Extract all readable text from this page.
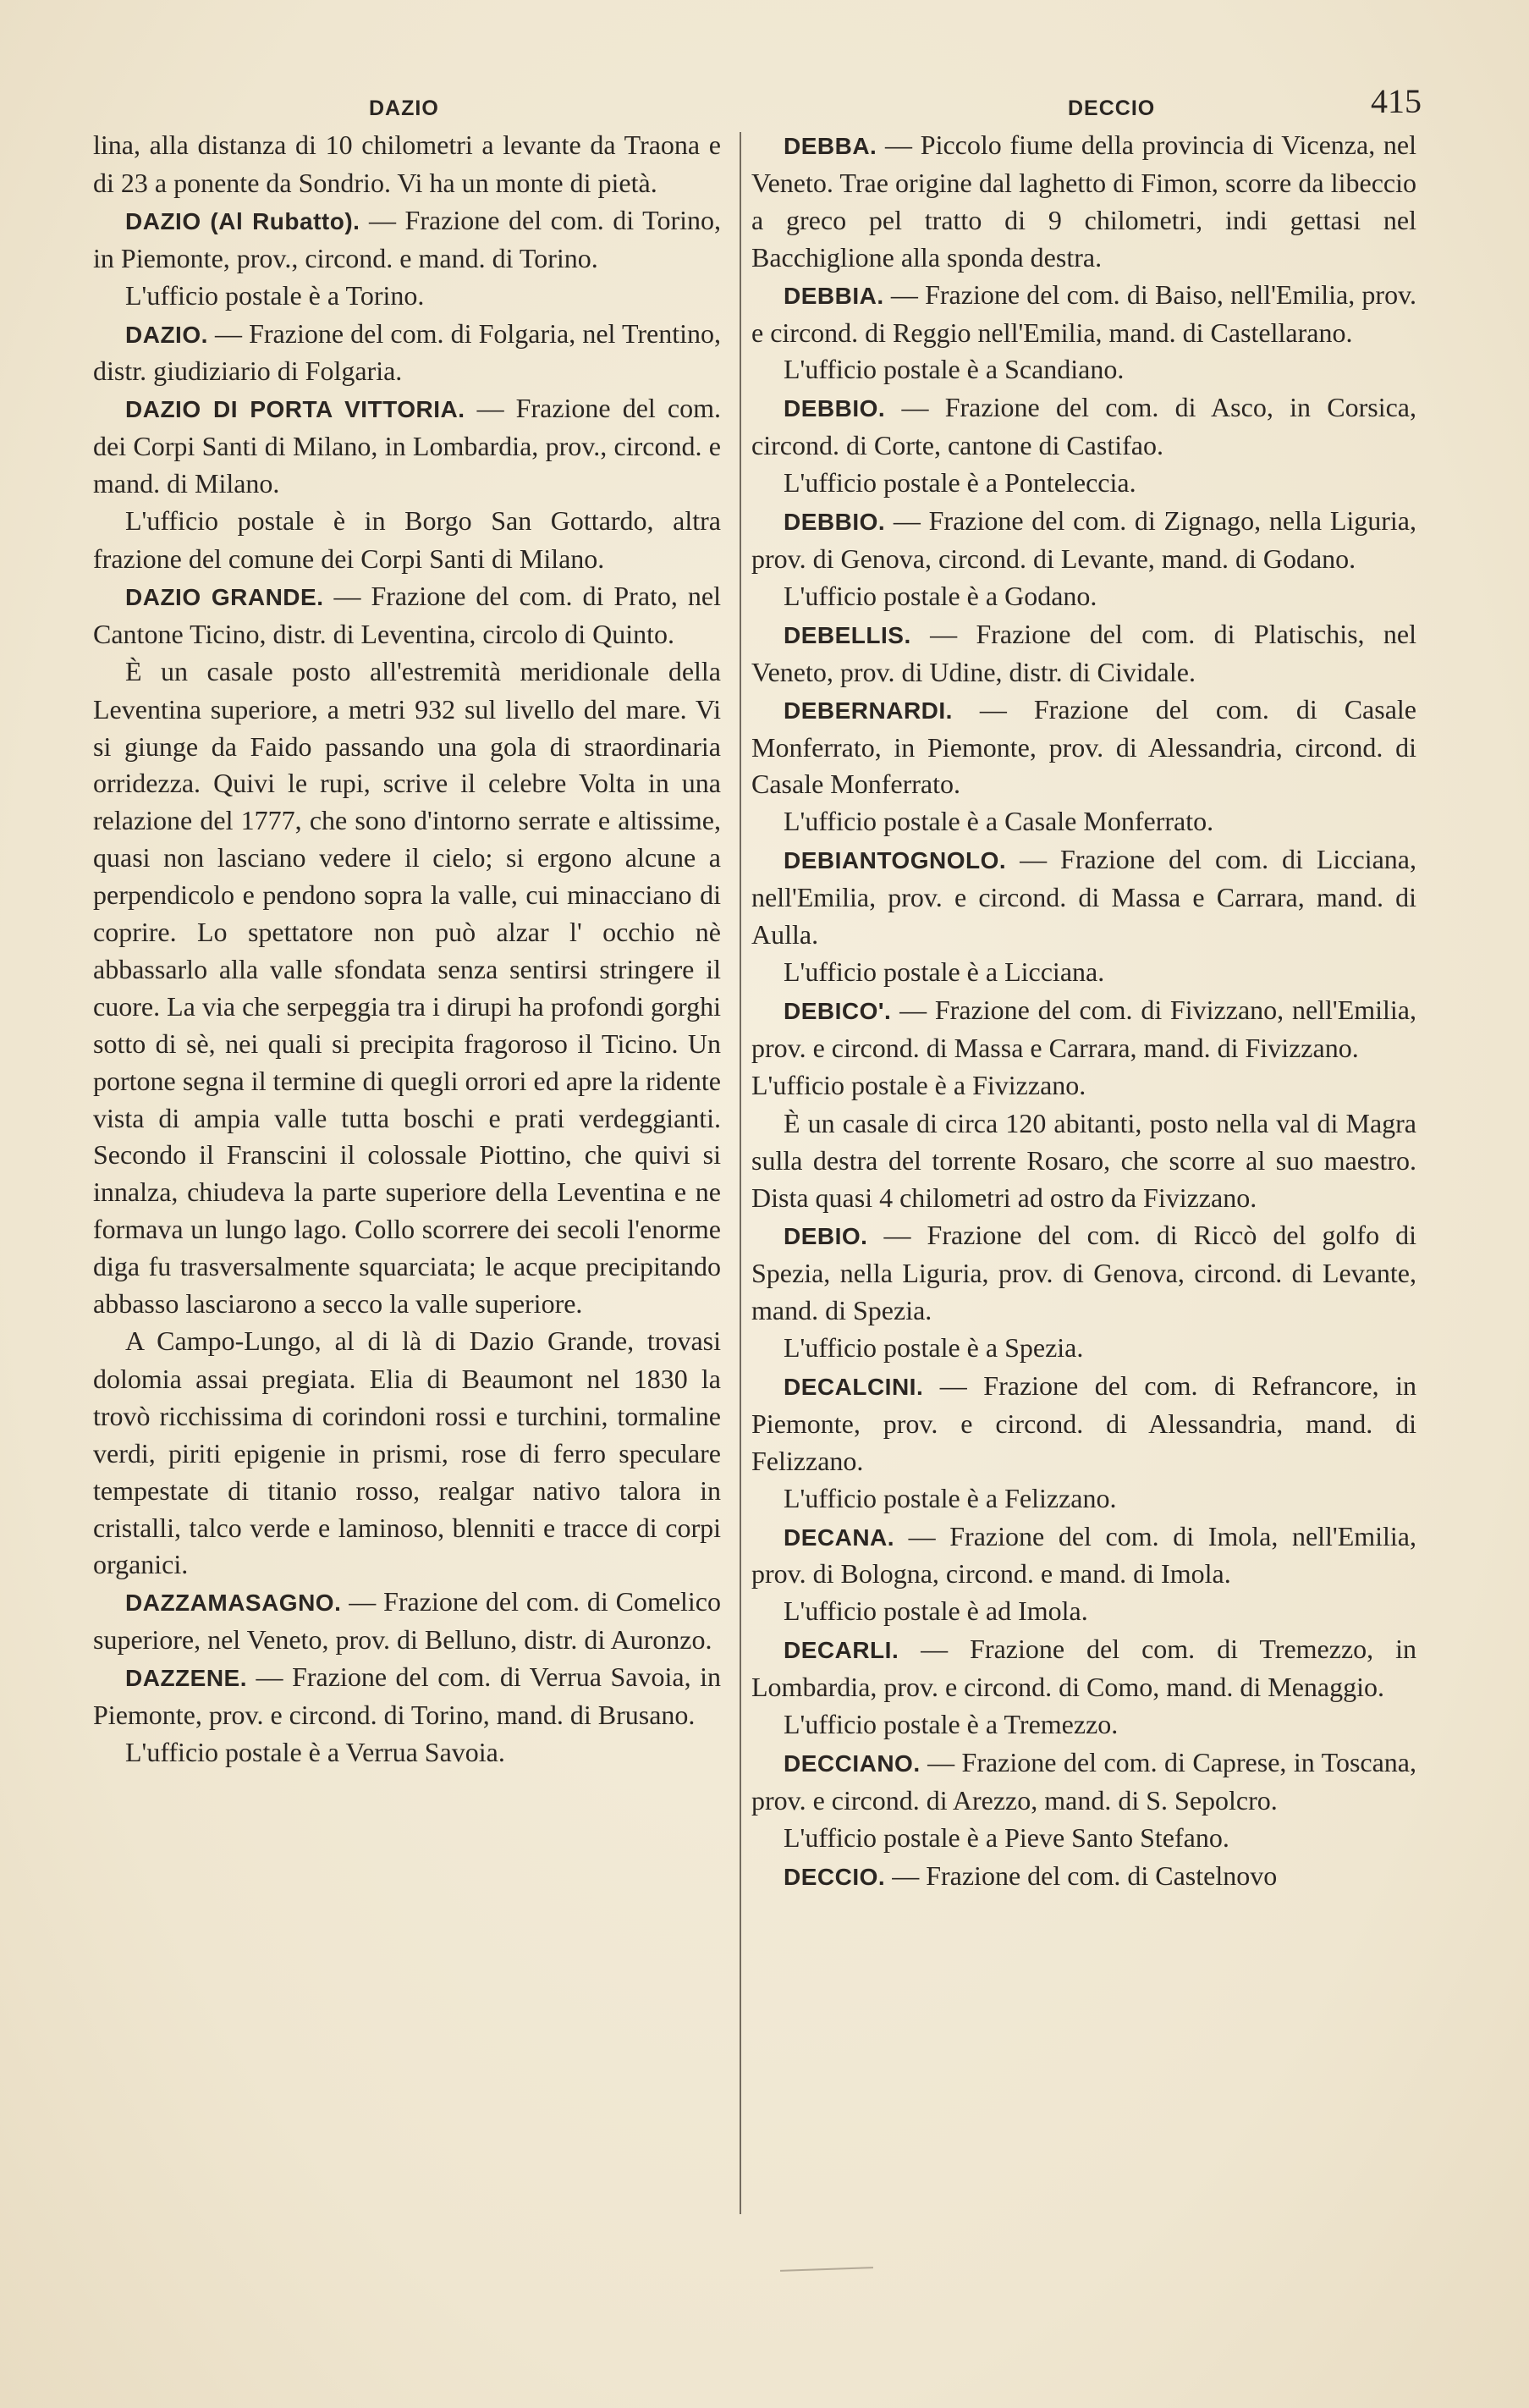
DAZIO	DECCIO	415

lina, alla distanza di 10 chilometri a levante da Traona e di 23 a ponente da Sondrio. Vi ha un monte di pietà.

DAZIO (Al Rubatto). — Frazione del com. di Torino, in Piemonte, prov., circond. e mand. di Torino.

L'ufficio postale è a Torino.

DAZIO. — Frazione del com. di Folgaria, nel Trentino, distr. giudiziario di Folgaria.

DAZIO DI PORTA VITTORIA. — Frazione del com. dei Corpi Santi di Milano, in Lombardia, prov., circond. e mand. di Milano.

L'ufficio postale è in Borgo San Gottardo, altra frazione del comune dei Corpi Santi di Milano.

DAZIO GRANDE. — Frazione del com. di Prato, nel Cantone Ticino, distr. di Leventina, circolo di Quinto.

È un casale posto all'estremità meridionale della Leventina superiore, a metri 932 sul livello del mare. Vi si giunge da Faido passando una gola di straordinaria orridezza. Quivi le rupi, scrive il celebre Volta in una relazione del 1777, che sono d'intorno serrate e altissime, quasi non lasciano vedere il cielo; si ergono alcune a perpendicolo e pendono sopra la valle, cui minacciano di coprire. Lo spettatore non può alzar l' occhio nè abbassarlo alla valle sfondata senza sentirsi stringere il cuore. La via che serpeggia tra i dirupi ha profondi gorghi sotto di sè, nei quali si precipita fragoroso il Ticino. Un portone segna il termine di quegli orrori ed apre la ridente vista di ampia valle tutta boschi e prati verdeggianti. Secondo il Franscini il colossale Piottino, che quivi si innalza, chiudeva la parte superiore della Leventina e ne formava un lungo lago. Collo scorrere dei secoli l'enorme diga fu trasversalmente squarciata; le acque precipitando abbasso lasciarono a secco la valle superiore.

A Campo-Lungo, al di là di Dazio Grande, trovasi dolomia assai pregiata. Elia di Beaumont nel 1830 la trovò ricchissima di corindoni rossi e turchini, tormaline verdi, piriti epigenie in prismi, rose di ferro speculare tempestate di titanio rosso, realgar nativo talora in cristalli, talco verde e laminoso, blenniti e tracce di corpi organici.

DAZZAMASAGNO. — Frazione del com. di Comelico superiore, nel Veneto, prov. di Belluno, distr. di Auronzo.

DAZZENE. — Frazione del com. di Verrua Savoia, in Piemonte, prov. e circond. di Torino, mand. di Brusano.

L'ufficio postale è a Verrua Savoia.

DEBBA. — Piccolo fiume della provincia di Vicenza, nel Veneto. Trae origine dal laghetto di Fimon, scorre da libeccio a greco pel tratto di 9 chilometri, indi gettasi nel Bacchiglione alla sponda destra.

DEBBIA. — Frazione del com. di Baiso, nell'Emilia, prov. e circond. di Reggio nell'Emilia, mand. di Castellarano.

L'ufficio postale è a Scandiano.

DEBBIO. — Frazione del com. di Asco, in Corsica, circond. di Corte, cantone di Castifao.

L'ufficio postale è a Ponteleccia.

DEBBIO. — Frazione del com. di Zignago, nella Liguria, prov. di Genova, circond. di Levante, mand. di Godano.

L'ufficio postale è a Godano.

DEBELLIS. — Frazione del com. di Platischis, nel Veneto, prov. di Udine, distr. di Cividale.

DEBERNARDI. — Frazione del com. di Casale Monferrato, in Piemonte, prov. di Alessandria, circond. di Casale Monferrato.

L'ufficio postale è a Casale Monferrato.

DEBIANTOGNOLO. — Frazione del com. di Licciana, nell'Emilia, prov. e circond. di Massa e Carrara, mand. di Aulla.

L'ufficio postale è a Licciana.

DEBICO'. — Frazione del com. di Fivizzano, nell'Emilia, prov. e circond. di Massa e Carrara, mand. di Fivizzano.

L'ufficio postale è a Fivizzano.

È un casale di circa 120 abitanti, posto nella val di Magra sulla destra del torrente Rosaro, che scorre al suo maestro. Dista quasi 4 chilometri ad ostro da Fivizzano.

DEBIO. — Frazione del com. di Riccò del golfo di Spezia, nella Liguria, prov. di Genova, circond. di Levante, mand. di Spezia.

L'ufficio postale è a Spezia.

DECALCINI. — Frazione del com. di Refrancore, in Piemonte, prov. e circond. di Alessandria, mand. di Felizzano.

L'ufficio postale è a Felizzano.

DECANA. — Frazione del com. di Imola, nell'Emilia, prov. di Bologna, circond. e mand. di Imola.

L'ufficio postale è ad Imola.

DECARLI. — Frazione del com. di Tremezzo, in Lombardia, prov. e circond. di Como, mand. di Menaggio.

L'ufficio postale è a Tremezzo.

DECCIANO. — Frazione del com. di Caprese, in Toscana, prov. e circond. di Arezzo, mand. di S. Sepolcro.

L'ufficio postale è a Pieve Santo Stefano.

DECCIO. — Frazione del com. di Castelnovo
